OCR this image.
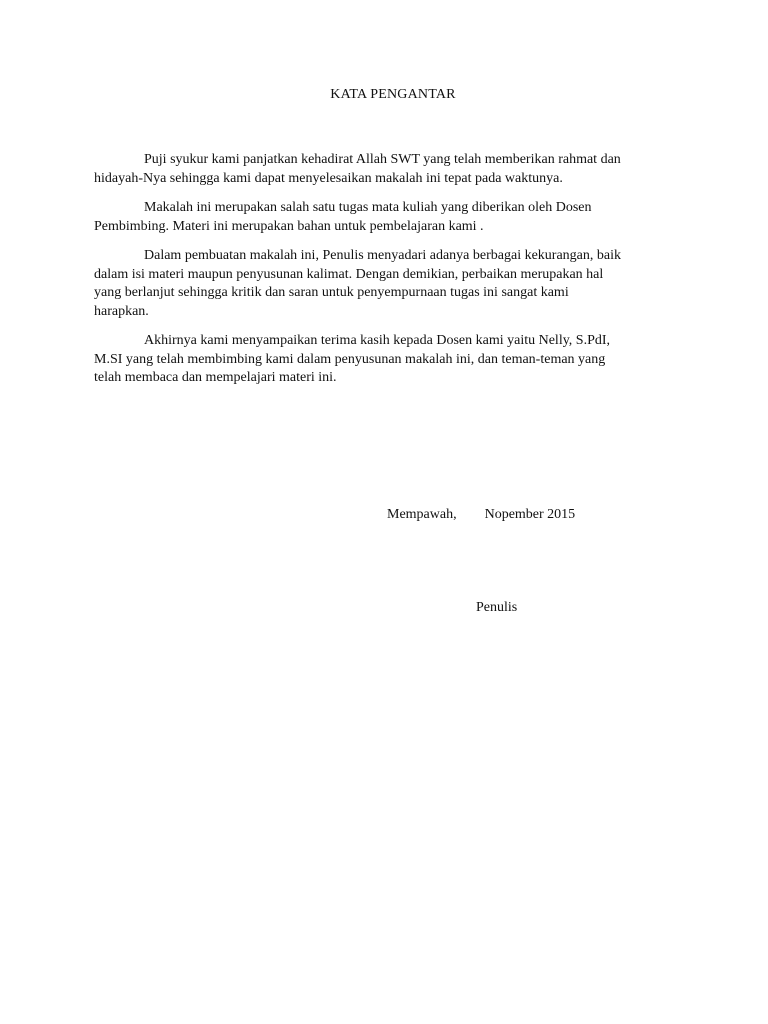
KATA PENGANTAR

Puji syukur kami panjatkan kehadirat Allah SWT yang telah memberikan rahmat dan
hidayah-Nya sehingga kami dapat menyelesaikan makalah ini tepat pada waktunya.

Makalah ini merupakan salah satu tugas mata kuliah yang diberikan oleh Dosen
Pembimbing. Materi ini merupakan bahan untuk pembelajaran kami .

Dalam pembuatan makalah ini, Penulis menyadari adanya berbagai kekurangan, baik
dalam isi materi maupun penyusunan kalimat. Dengan demikian, perbaikan merupakan hal
yang berlanjut sehingga kritik dan saran untuk penyempurnaan tugas ini sangat kami
harapkan.

Akhirnya kami menyampaikan terima kasih kepada Dosen kami yaitu Nelly, S.PdI,
M.SI yang telah membimbing kami dalam penyusunan makalah ini, dan teman-teman yang
telah membaca dan mempelajari materi ini.

Mempawah, Nopember 2015
Penulis
